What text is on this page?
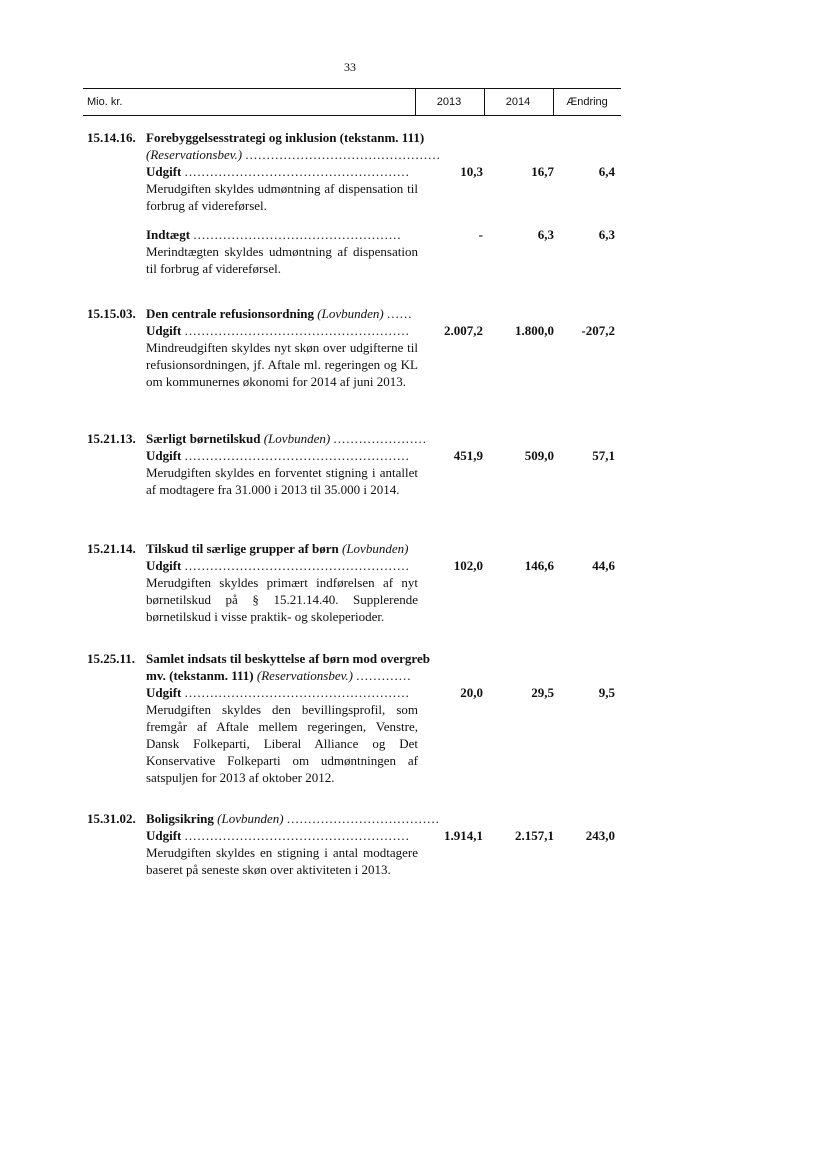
33
Mio. kr.	2013	2014	Ændring
15.14.16. Forebyggelsesstrategi og inklusion (tekstanm. 111)
(Reservationsbev.) ..............................................
Udgift .....................................................	10,3	16,7	6,4
Merudgiften skyldes udmøntning af dispensation til forbrug af videreførsel.
Indtægt .................................................	-	6,3	6,3
Merindtægten skyldes udmøntning af dispensation til forbrug af videreførsel.
15.15.03. Den centrale refusionsordning (Lovbunden) ......
Udgift .....................................................	2.007,2	1.800,0	-207,2
Mindreudgiften skyldes nyt skøn over udgifterne til refusionsordningen, jf. Aftale ml. regeringen og KL om kommunernes økonomi for 2014 af juni 2013.
15.21.13. Særligt børnetilskud (Lovbunden) ......................
Udgift .....................................................	451,9	509,0	57,1
Merudgiften skyldes en forventet stigning i antallet af modtagere fra 31.000 i 2013 til 35.000 i 2014.
15.21.14. Tilskud til særlige grupper af børn (Lovbunden)
Udgift .....................................................	102,0	146,6	44,6
Merudgiften skyldes primært indførelsen af nyt børnetilskud på § 15.21.14.40. Supplerende børnetilskud i visse praktik- og skoleperioder.
15.25.11. Samlet indsats til beskyttelse af børn mod overgreb
mv. (tekstanm. 111) (Reservationsbev.) .............
Udgift .....................................................	20,0	29,5	9,5
Merudgiften skyldes den bevillingsprofil, som fremgår af Aftale mellem regeringen, Venstre, Dansk Folkeparti, Liberal Alliance og Det Konservative Folkeparti om udmøntningen af satspuljen for 2013 af oktober 2012.
15.31.02. Boligsikring (Lovbunden) ....................................
Udgift .....................................................	1.914,1	2.157,1	243,0
Merudgiften skyldes en stigning i antal modtagere baseret på seneste skøn over aktiviteten i 2013.
